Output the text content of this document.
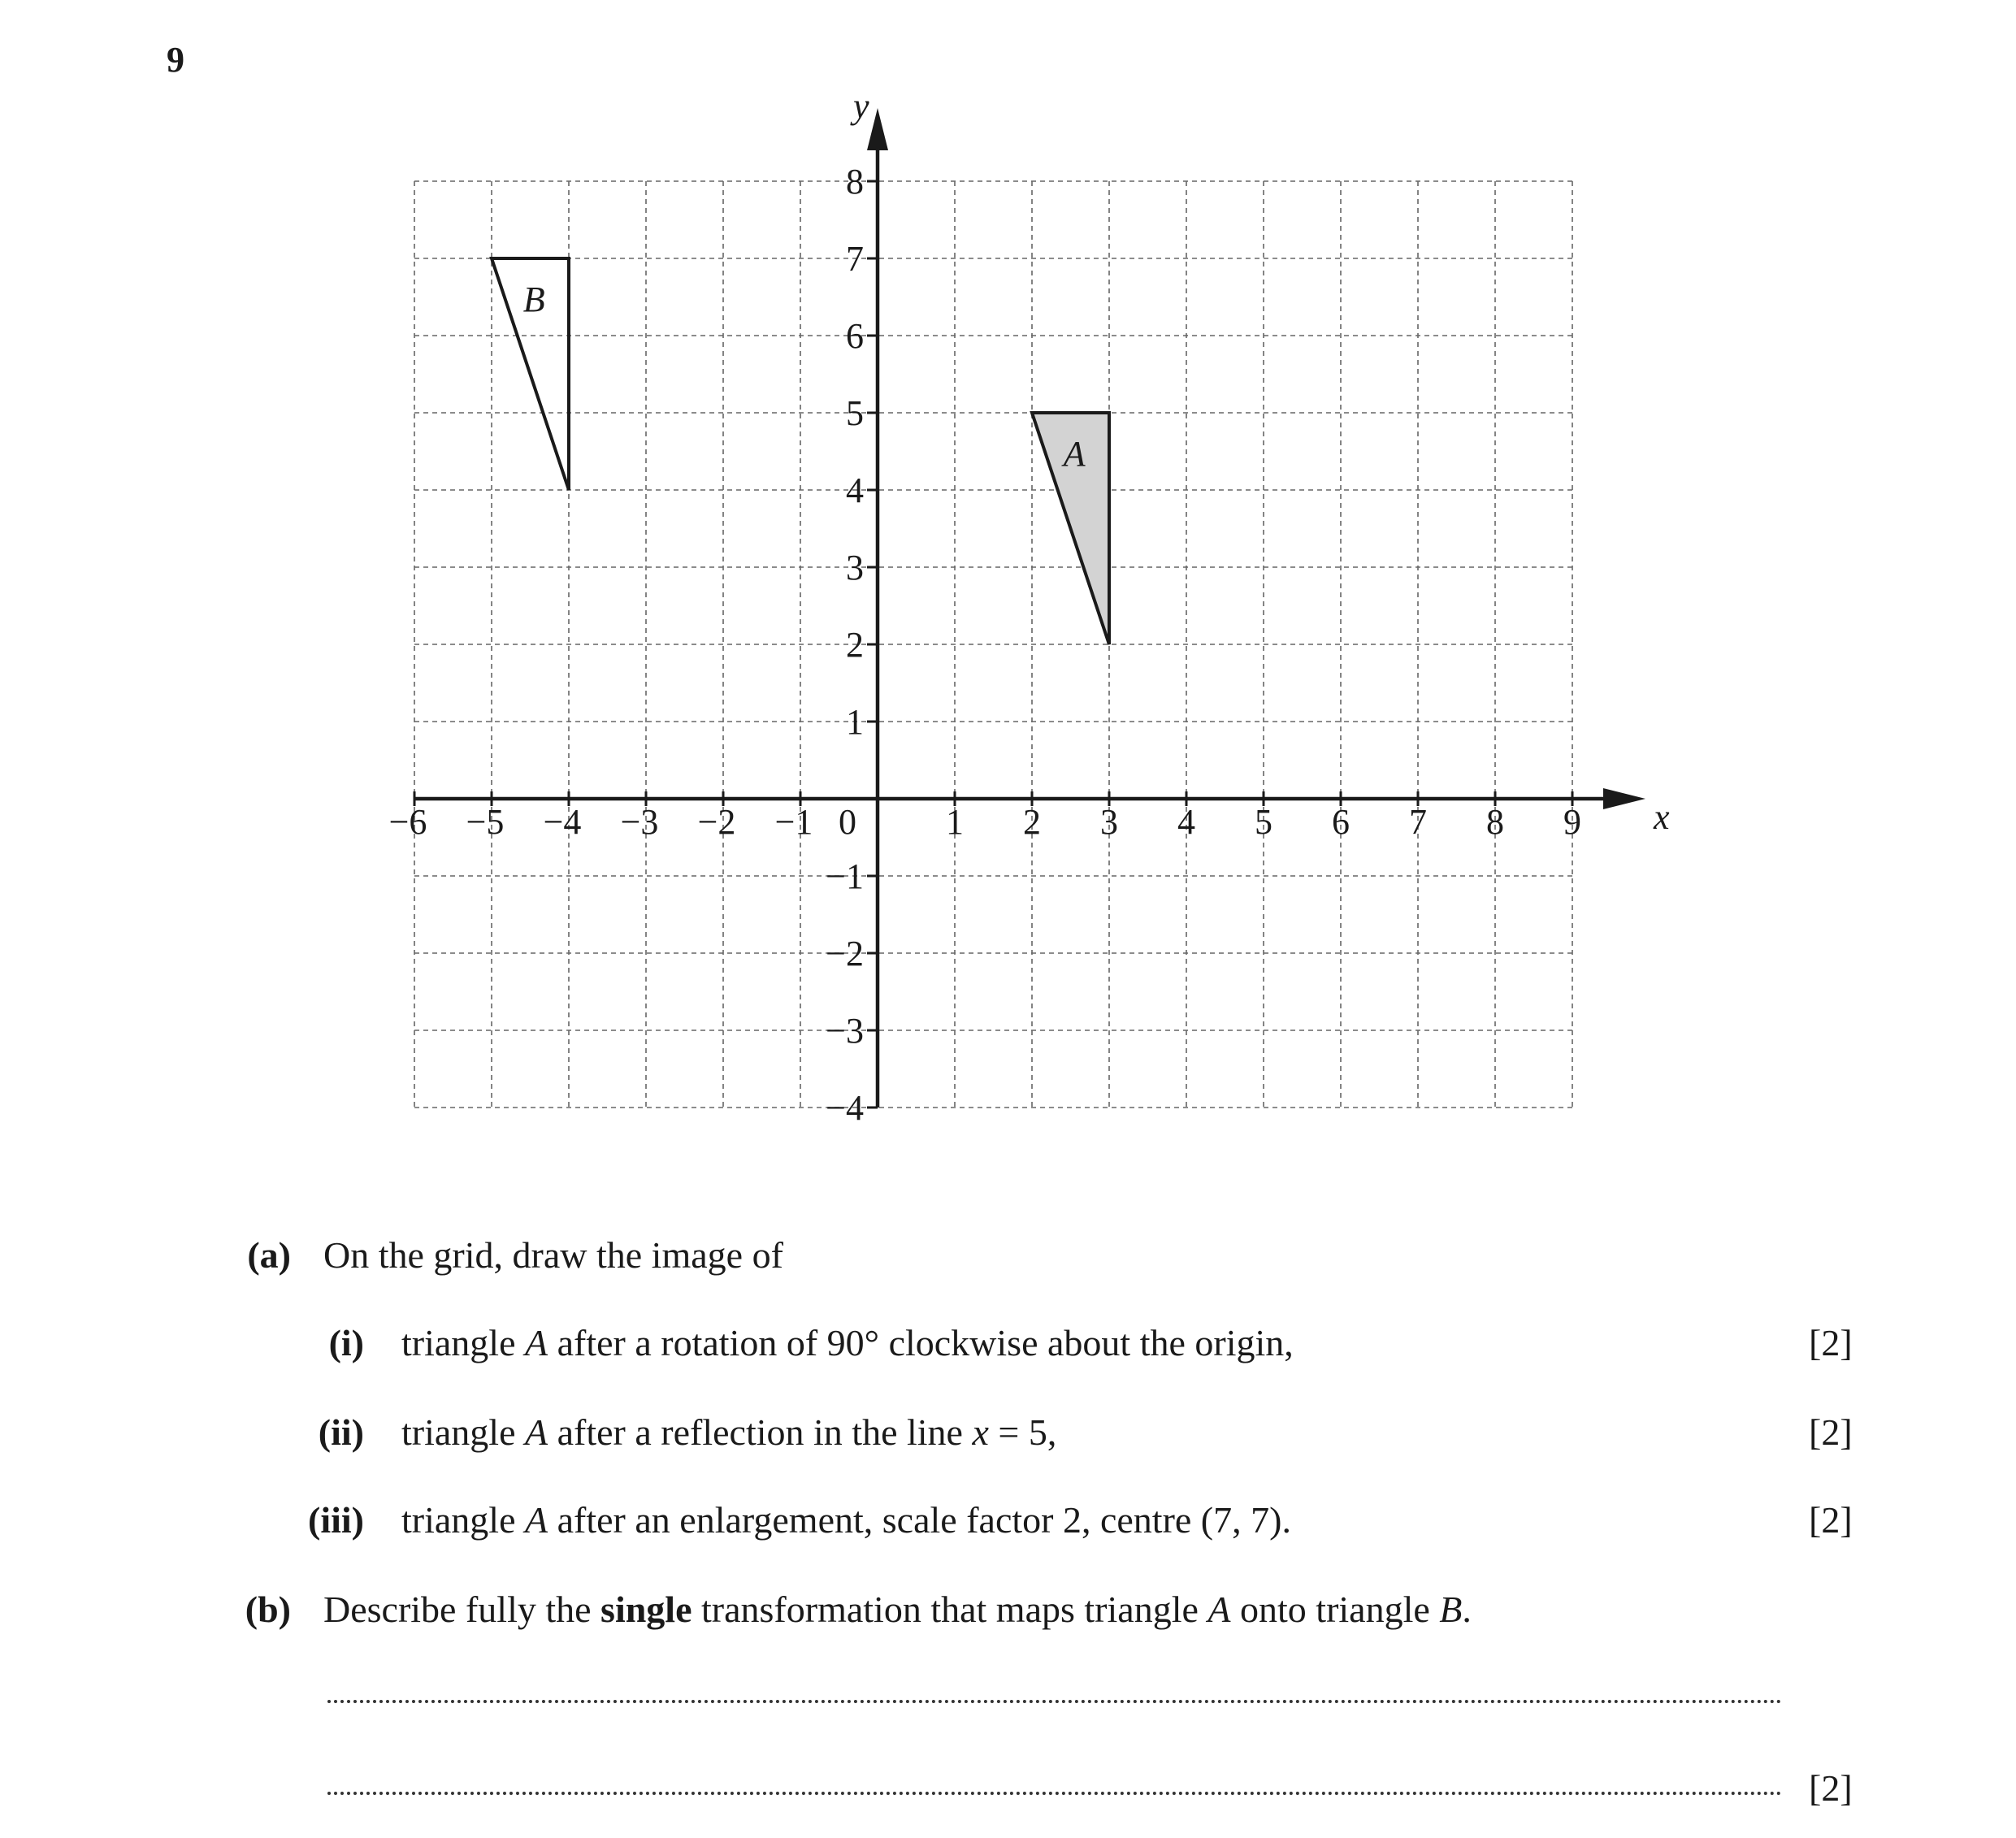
9
A
B
x
y
−6 −5 −4 −3 −2 −1	1 2 3 4 5 6 7 8 9
8
7
6
5
4
3
2
1
−1
−2
−3
−4
0
(a) On the grid, draw the image of
(i) triangle A after a rotation of 90° clockwise about the origin,	[2]
(ii) triangle A after a reflection in the line x = 5,	[2]
(iii) triangle A after an enlargement, scale factor 2, centre (7, 7).	[2]
(b) Describe fully the single transformation that maps triangle A onto triangle B.
[2]
